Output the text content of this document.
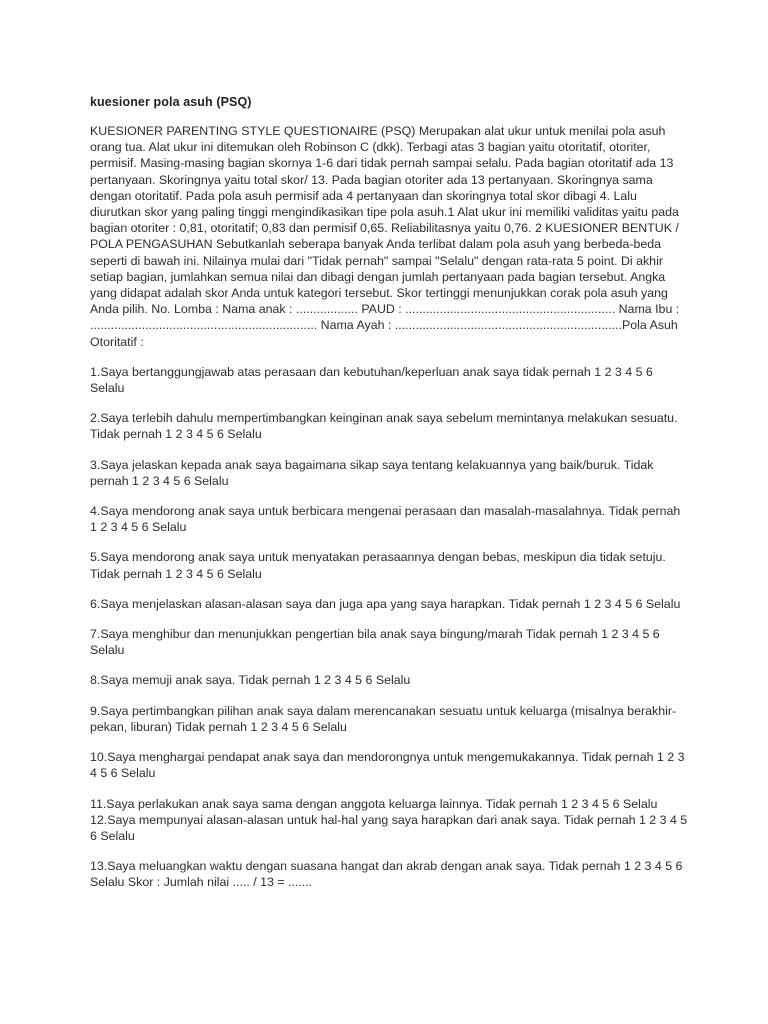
kuesioner pola asuh (PSQ)
KUESIONER PARENTING STYLE QUESTIONAIRE (PSQ) Merupakan alat ukur untuk menilai pola asuh orang tua. Alat ukur ini ditemukan oleh Robinson C (dkk). Terbagi atas 3 bagian yaitu otoritatif, otoriter, permisif. Masing-masing bagian skornya 1-6 dari tidak pernah sampai selalu. Pada bagian otoritatif ada 13 pertanyaan. Skoringnya yaitu total skor/ 13. Pada bagian otoriter ada 13 pertanyaan. Skoringnya sama dengan otoritatif. Pada pola asuh permisif ada 4 pertanyaan dan skoringnya total skor dibagi 4. Lalu diurutkan skor yang paling tinggi mengindikasikan tipe pola asuh.1 Alat ukur ini memiliki validitas yaitu pada bagian otoriter : 0,81, otoritatif; 0,83 dan permisif 0,65. Reliabilitasnya yaitu 0,76. 2 KUESIONER BENTUK / POLA PENGASUHAN Sebutkanlah seberapa banyak Anda terlibat dalam pola asuh yang berbeda-beda seperti di bawah ini. Nilainya mulai dari "Tidak pernah" sampai "Selalu" dengan rata-rata 5 point. Di akhir setiap bagian, jumlahkan semua nilai dan dibagi dengan jumlah pertanyaan pada bagian tersebut. Angka yang didapat adalah skor Anda untuk kategori tersebut. Skor tertinggi menunjukkan corak pola asuh yang Anda pilih. No. Lomba : Nama anak : .................. PAUD : ............................................................. Nama Ibu : .................................................................. Nama Ayah : ..................................................................Pola Asuh Otoritatif :
1.Saya bertanggungjawab atas perasaan dan kebutuhan/keperluan anak saya tidak pernah 1 2 3 4 5 6 Selalu
2.Saya terlebih dahulu mempertimbangkan keinginan anak saya sebelum memintanya melakukan sesuatu. Tidak pernah 1 2 3 4 5 6 Selalu
3.Saya jelaskan kepada anak saya bagaimana sikap saya tentang kelakuannya yang baik/buruk. Tidak pernah 1 2 3 4 5 6 Selalu
4.Saya mendorong anak saya untuk berbicara mengenai perasaan dan masalah-masalahnya. Tidak pernah 1 2 3 4 5 6 Selalu
5.Saya mendorong anak saya untuk menyatakan perasaannya dengan bebas, meskipun dia tidak setuju. Tidak pernah 1 2 3 4 5 6 Selalu
6.Saya menjelaskan alasan-alasan saya dan juga apa yang saya harapkan. Tidak pernah 1 2 3 4 5 6 Selalu
7.Saya menghibur dan menunjukkan pengertian bila anak saya bingung/marah Tidak pernah 1 2 3 4 5 6 Selalu
8.Saya memuji anak saya. Tidak pernah 1 2 3 4 5 6 Selalu
9.Saya pertimbangkan pilihan anak saya dalam merencanakan sesuatu untuk keluarga (misalnya berakhir-pekan, liburan) Tidak pernah 1 2 3 4 5 6 Selalu
10.Saya menghargai pendapat anak saya dan mendorongnya untuk mengemukakannya. Tidak pernah 1 2 3 4 5 6 Selalu
11.Saya perlakukan anak saya sama dengan anggota keluarga lainnya. Tidak pernah 1 2 3 4 5 6 Selalu
12.Saya mempunyai alasan-alasan untuk hal-hal yang saya harapkan dari anak saya. Tidak pernah 1 2 3 4 5 6 Selalu
13.Saya meluangkan waktu dengan suasana hangat dan akrab dengan anak saya. Tidak pernah 1 2 3 4 5 6 Selalu Skor : Jumlah nilai ..... / 13 = .......
